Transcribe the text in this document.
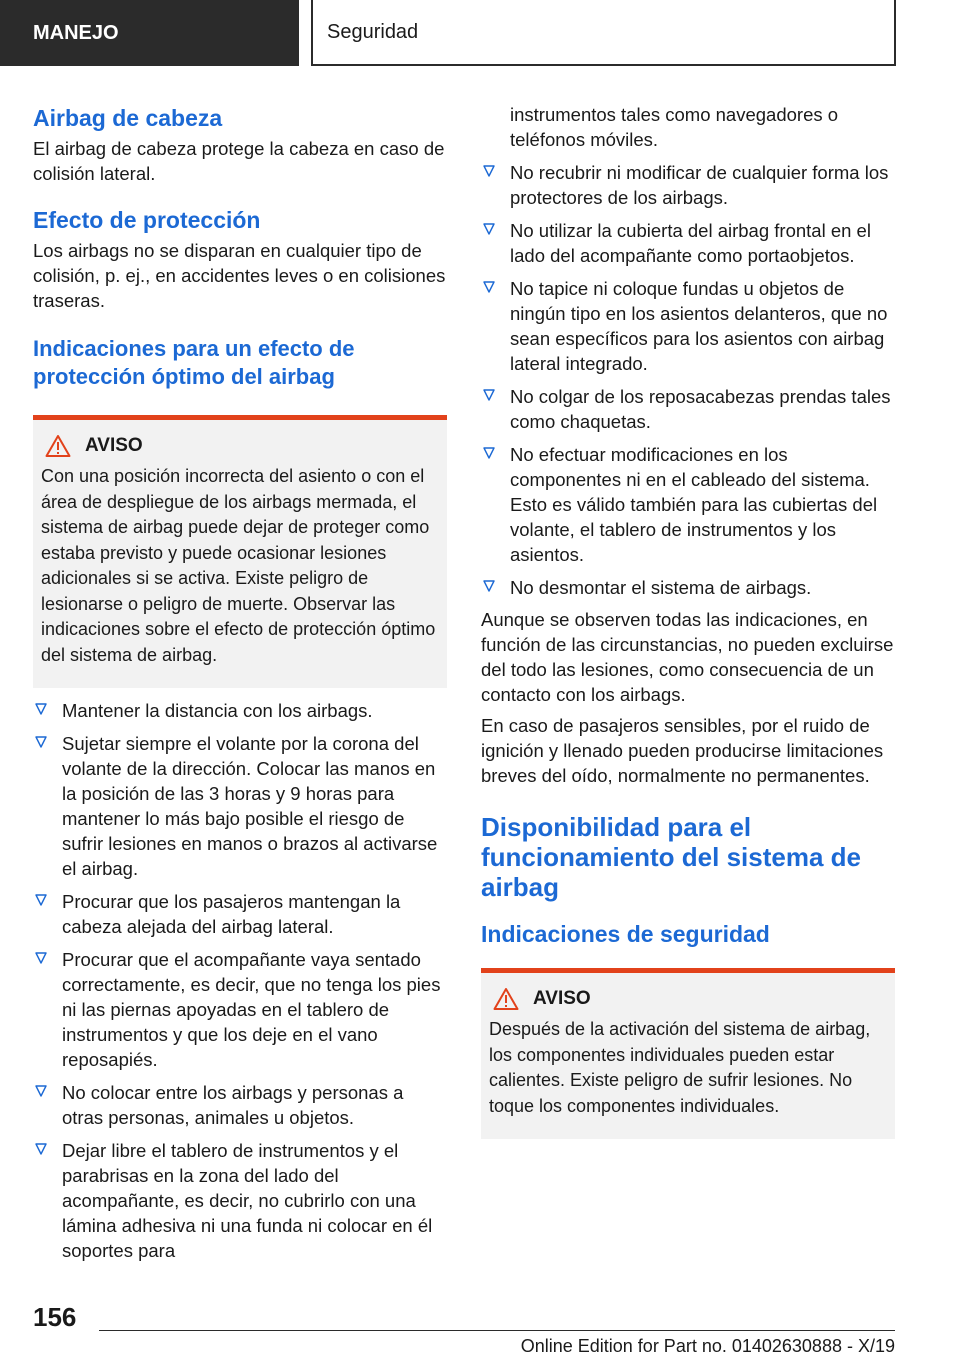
MANEJO	Seguridad
Airbag de cabeza

El airbag de cabeza protege la cabeza en caso de colisión lateral.

Efecto de protección

Los airbags no se disparan en cualquier tipo de colisión, p. ej., en accidentes leves o en colisiones traseras.

Indicaciones para un efecto de protección óptimo del airbag
AVISO

Con una posición incorrecta del asiento o con el área de despliegue de los airbags mermada, el sistema de airbag puede dejar de proteger como estaba previsto y puede ocasionar lesiones adicionales si se activa. Existe peligro de lesionarse o peligro de muerte. Observar las indicaciones sobre el efecto de protección óptimo del sistema de airbag.

Mantener la distancia con los airbags.
Sujetar siempre el volante por la corona del volante de la dirección. Colocar las manos en la posición de las 3 horas y 9 horas para mantener lo más bajo posible el riesgo de sufrir lesiones en manos o brazos al activarse el airbag.
Procurar que los pasajeros mantengan la cabeza alejada del airbag lateral.
Procurar que el acompañante vaya sentado correctamente, es decir, que no tenga los pies ni las piernas apoyadas en el tablero de instrumentos y que los deje en el vano reposapiés.
No colocar entre los airbags y personas a otras personas, animales u objetos.
Dejar libre el tablero de instrumentos y el parabrisas en la zona del lado del acompañante, es decir, no cubrirlo con una lámina adhesiva ni una funda ni colocar en él soportes para

instrumentos tales como navegadores o teléfonos móviles.

No recubrir ni modificar de cualquier forma los protectores de los airbags.
No utilizar la cubierta del airbag frontal en el lado del acompañante como portaobjetos.
No tapice ni coloque fundas u objetos de ningún tipo en los asientos delanteros, que no sean específicos para los asientos con airbag lateral integrado.
No colgar de los reposacabezas prendas tales como chaquetas.
No efectuar modificaciones en los componentes ni en el cableado del sistema. Esto es válido también para las cubiertas del volante, el tablero de instrumentos y los asientos.
No desmontar el sistema de airbags.

Aunque se observen todas las indicaciones, en función de las circunstancias, no pueden excluirse del todo las lesiones, como consecuencia de un contacto con los airbags.

En caso de pasajeros sensibles, por el ruido de ignición y llenado pueden producirse limitaciones breves del oído, normalmente no permanentes.

Disponibilidad para el funcionamiento del sistema de airbag
Indicaciones de seguridad
AVISO

Después de la activación del sistema de airbag, los componentes individuales pueden estar calientes. Existe peligro de sufrir lesiones. No toque los componentes individuales.

156
Online Edition for Part no. 01402630888 - X/19
